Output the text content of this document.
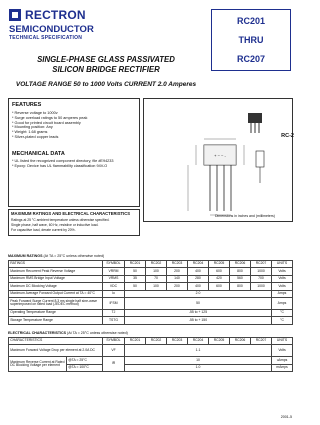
RECTRON
SEMICONDUCTOR
TECHNICAL SPECIFICATION
RC201
THRU
RC207
SINGLE-PHASE GLASS PASSIVATED
SILICON BRIDGE RECTIFIER
VOLTAGE RANGE 50 to 1000 Volts CURRENT 2.0 Amperes
FEATURES
* Reverse voltage to 1000v
* Surge overload ratings to 50 amperes peak
* Good for printed circuit board assembly
* Mounting position: Any
* Weight: 1.68 grams
* Silver-plated copper leads
MECHANICAL DATA
* UL listed the recognized component directory, file #E94233
* Epoxy: Device has UL flammability classification 94V-O
+ ~ ~ -
RC-2
Dimensions in inches and (millimeters)
MAXIMUM RATINGS AND ELECTRICAL CHARACTERISTICS
Ratings at 25 °C ambient temperature unless otherwise specified.
Single phase, half wave, 60 Hz, resistive or inductive load.
For capacitive load, derate current by 20%.
MAXIMUM RATINGS (At TA = 25°C unless otherwise noted)
RATINGS	SYMBOL	RC201	RC202	RC203	RC204	RC205	RC206	RC207	UNITS
Maximum Recurrent Peak Reverse Voltage	VRRM	50	100	200	400	600	800	1000	Volts
Maximum RMS Bridge Input Voltage	VRMS	35	70	140	280	420	560	700	Volts
Maximum DC Blocking Voltage	VDC	50	100	200	400	600	800	1000	Volts
Maximum Average Forward Output Current at TA = 40°C	Io	2.0							Amps
Peak Forward Surge Current 8.3 ms single half sine-wave superimposed on rated load (JEDEC method)	IFSM	50							Amps
Operating Temperature Range	TJ	-55 to + 125							°C
Storage Temperature Range	TSTG	-55 to + 150							°C
ELECTRICAL CHARACTERISTICS (At TA = 25°C unless otherwise noted)
CHARACTERISTICS		SYMBOL	RC201	RC202	RC203	RC204	RC205	RC206	RC207	UNITS
Maximum Forward Voltage Drop per element at 2.0A DC		VF	1.1							Volts
Maximum Reverse Current at Rated DC Blocking Voltage per element	@TA = 25°C	IR	10							uAmps
	@TA = 100°C		1.0							mAmps
2001-5
